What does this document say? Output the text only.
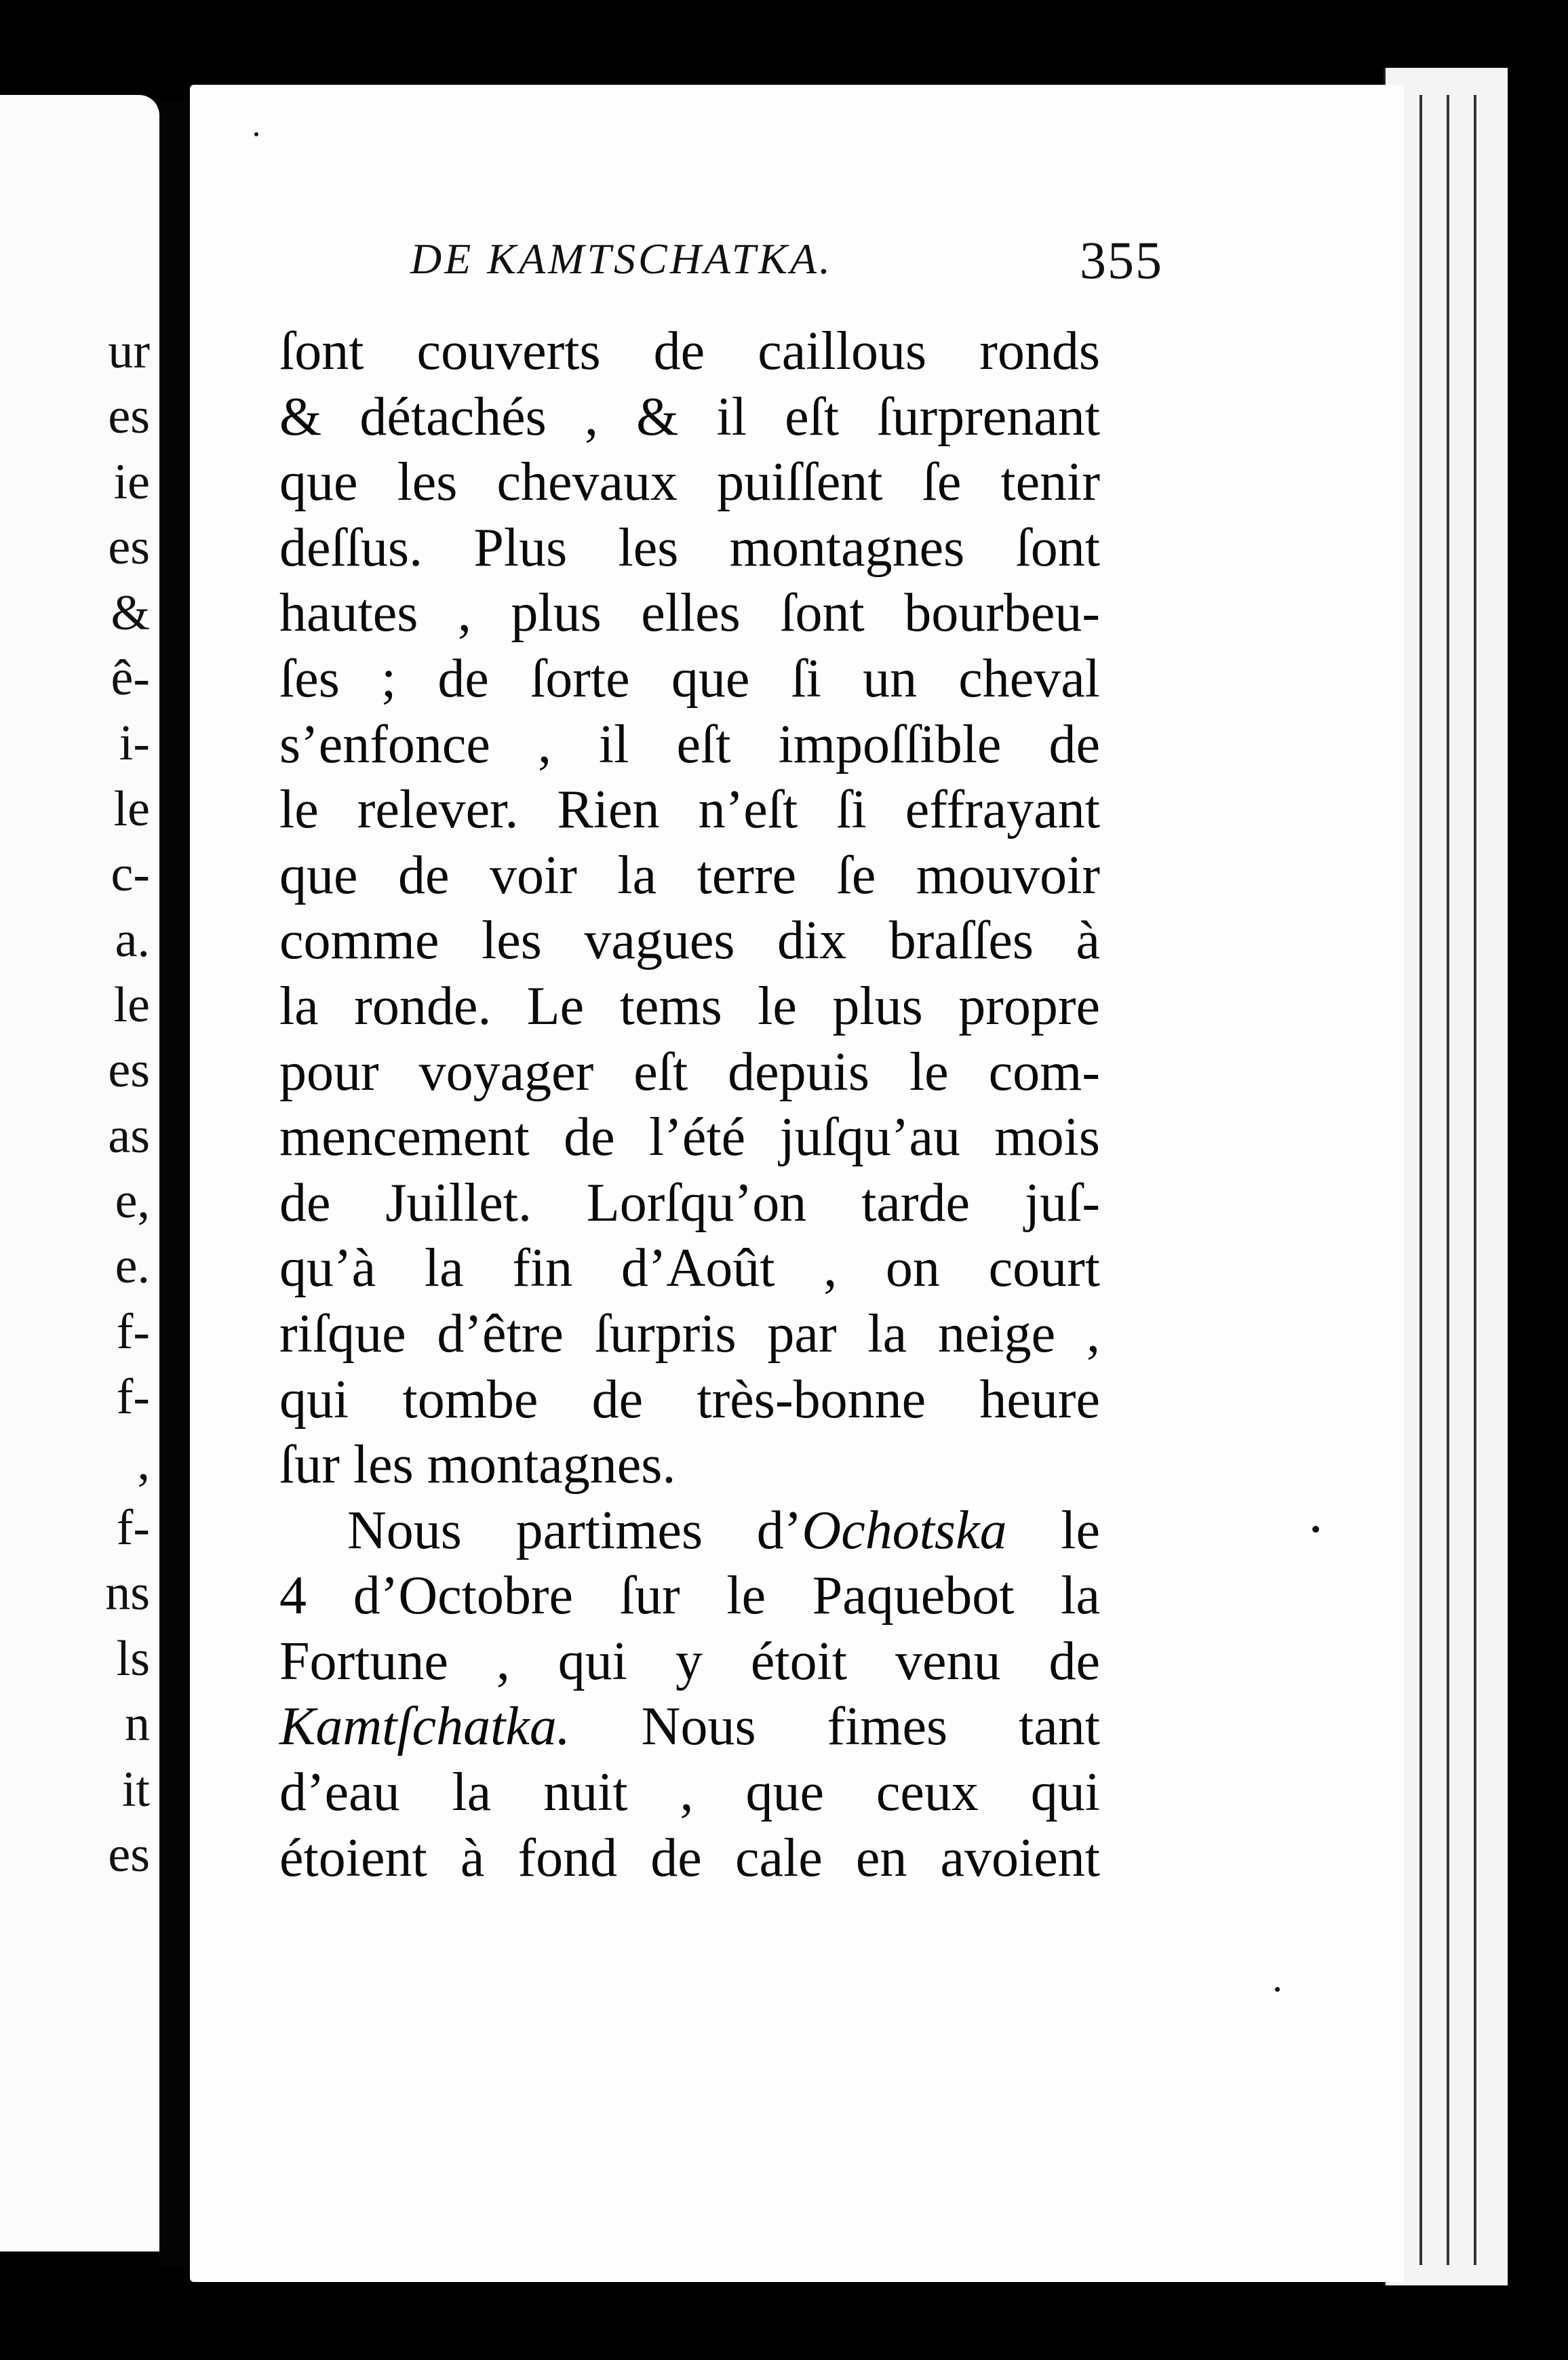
ur
es
ie
es
&
ê-
i-
le
c-
a.
le
es
as
e,
e.
f-
f-
,
f-
ns
ls
n
it
es
DE KAMTSCHATKA.	355
ſont couverts de caillous ronds
& détachés , & il eſt ſurprenant
que les chevaux puiſſent ſe tenir
deſſus. Plus les montagnes ſont
hautes , plus elles ſont bourbeu-
ſes ; de ſorte que ſi un cheval
s’enfonce , il eſt impoſſible de
le relever. Rien n’eſt ſi effrayant
que de voir la terre ſe mouvoir
comme les vagues dix braſſes à
la ronde. Le tems le plus propre
pour voyager eſt depuis le com-
mencement de l’été juſqu’au mois
de Juillet. Lorſqu’on tarde juſ-
qu’à la fin d’Août , on court
riſque d’être ſurpris par la neige ,
qui tombe de très-bonne heure
ſur les montagnes.
Nous partimes d’Ochotska le
4 d’Octobre ſur le Paquebot la
Fortune , qui y étoit venu de
Kamtſchatka. Nous fimes tant
d’eau la nuit , que ceux qui
étoient à fond de cale en avoient
